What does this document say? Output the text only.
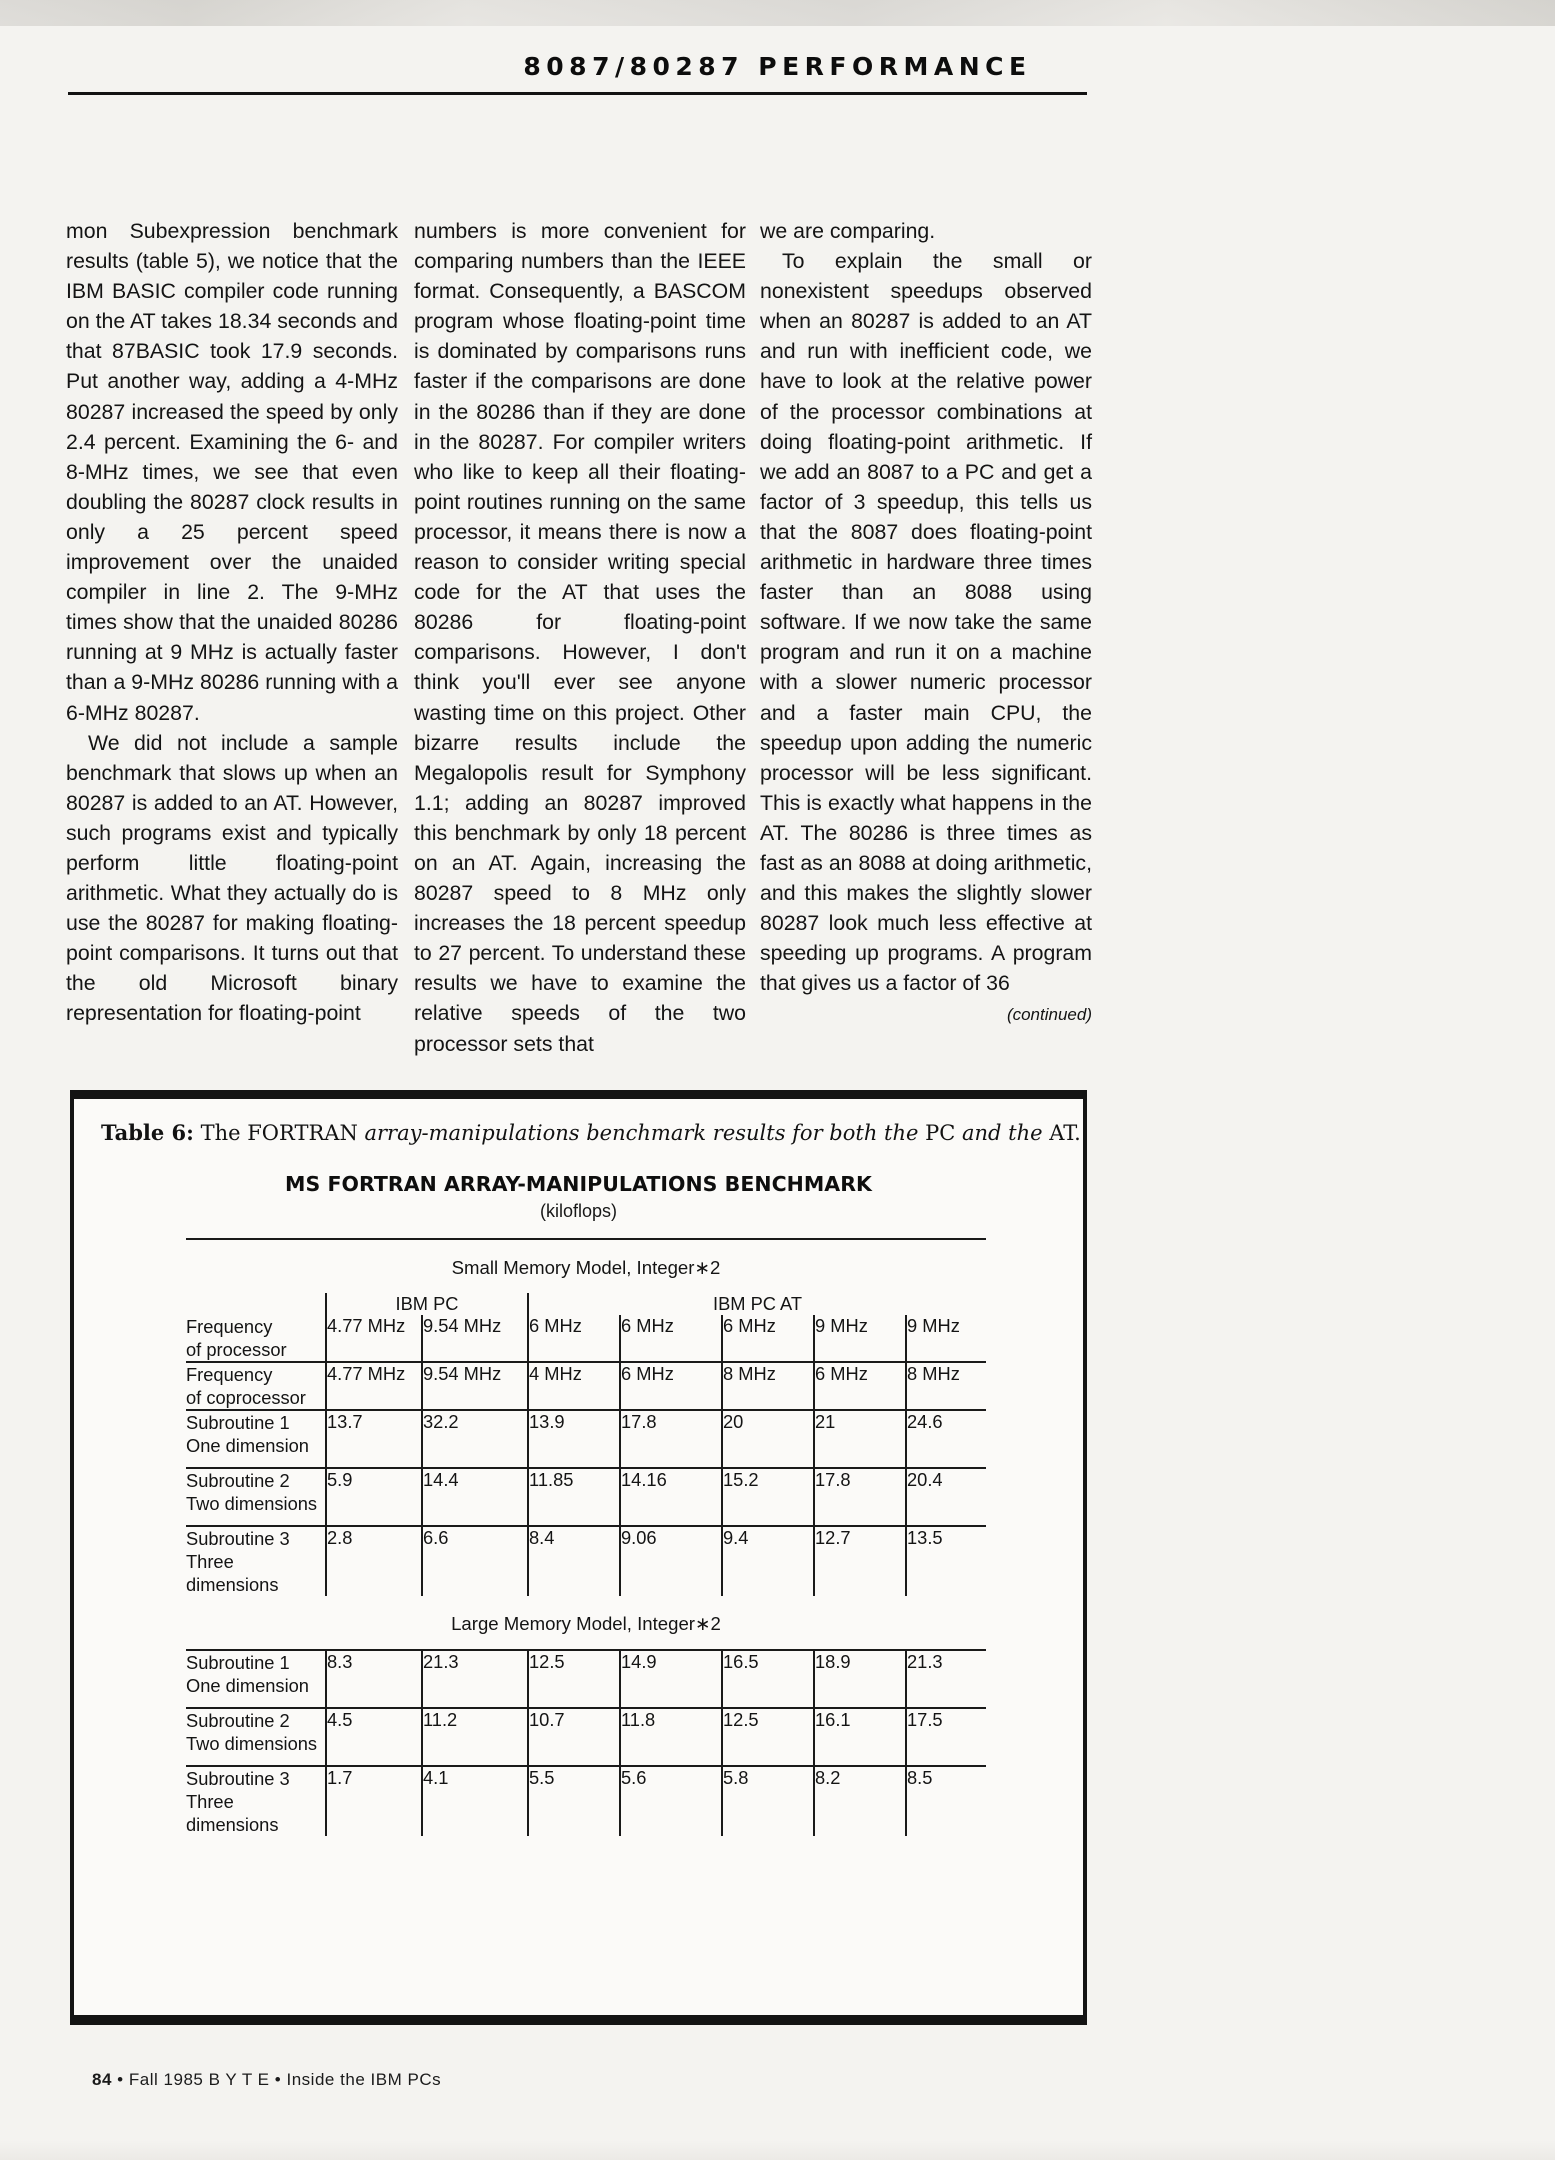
8087/80287 PERFORMANCE

mon Subexpression benchmark results (table 5), we notice that the IBM BASIC compiler code running on the AT takes 18.34 seconds and that 87BASIC took 17.9 seconds. Put another way, adding a 4-MHz 80287 increased the speed by only 2.4 percent. Examining the 6- and 8-MHz times, we see that even doubling the 80287 clock results in only a 25 percent speed improvement over the unaided compiler in line 2. The 9-MHz times show that the unaided 80286 running at 9 MHz is actually faster than a 9-MHz 80286 running with a 6-MHz 80287.

We did not include a sample benchmark that slows up when an 80287 is added to an AT. However, such programs exist and typically perform little floating-point arithmetic. What they actually do is use the 80287 for making floating-point comparisons. It turns out that the old Microsoft binary representation for floating-point

numbers is more convenient for comparing numbers than the IEEE format. Consequently, a BASCOM program whose floating-point time is dominated by comparisons runs faster if the comparisons are done in the 80286 than if they are done in the 80287. For compiler writers who like to keep all their floating-point routines running on the same processor, it means there is now a reason to consider writing special code for the AT that uses the 80286 for floating-point comparisons. However, I don't think you'll ever see anyone wasting time on this project. Other bizarre results include the Megalopolis result for Symphony 1.1; adding an 80287 improved this benchmark by only 18 percent on an AT. Again, increasing the 80287 speed to 8 MHz only increases the 18 percent speedup to 27 percent. To understand these results we have to examine the relative speeds of the two processor sets that

we are comparing.

To explain the small or nonexistent speedups observed when an 80287 is added to an AT and run with inefficient code, we have to look at the relative power of the processor combinations at doing floating-point arithmetic. If we add an 8087 to a PC and get a factor of 3 speedup, this tells us that the 8087 does floating-point arithmetic in hardware three times faster than an 8088 using software. If we now take the same program and run it on a machine with a slower numeric processor and a faster main CPU, the speedup upon adding the numeric processor will be less significant. This is exactly what happens in the AT. The 80286 is three times as fast as an 8088 at doing arithmetic, and this makes the slightly slower 80287 look much less effective at speeding up programs. A program that gives us a factor of 36

(continued)
Table 6: The FORTRAN array-manipulations benchmark results for both the PC and the AT.
MS FORTRAN ARRAY-MANIPULATIONS BENCHMARK
(kiloflops)
Small Memory Model, Integer∗2
	IBM PC		IBM PC AT				
Frequency
of processor	4.77 MHz	9.54 MHz	6 MHz	6 MHz	6 MHz	9 MHz	9 MHz
Frequency
of coprocessor	4.77 MHz	9.54 MHz	4 MHz	6 MHz	8 MHz	6 MHz	8 MHz
Subroutine 1
One dimension	13.7	32.2	13.9	17.8	20	21	24.6
Subroutine 2
Two dimensions	5.9	14.4	11.85	14.16	15.2	17.8	20.4
Subroutine 3
Three dimensions	2.8	6.6	8.4	9.06	9.4	12.7	13.5
Large Memory Model, Integer∗2
Subroutine 1
One dimension	8.3	21.3	12.5	14.9	16.5	18.9	21.3
Subroutine 2
Two dimensions	4.5	11.2	10.7	11.8	12.5	16.1	17.5
Subroutine 3
Three dimensions	1.7	4.1	5.5	5.6	5.8	8.2	8.5
84 • Fall 1985 B Y T E • Inside the IBM PCs
